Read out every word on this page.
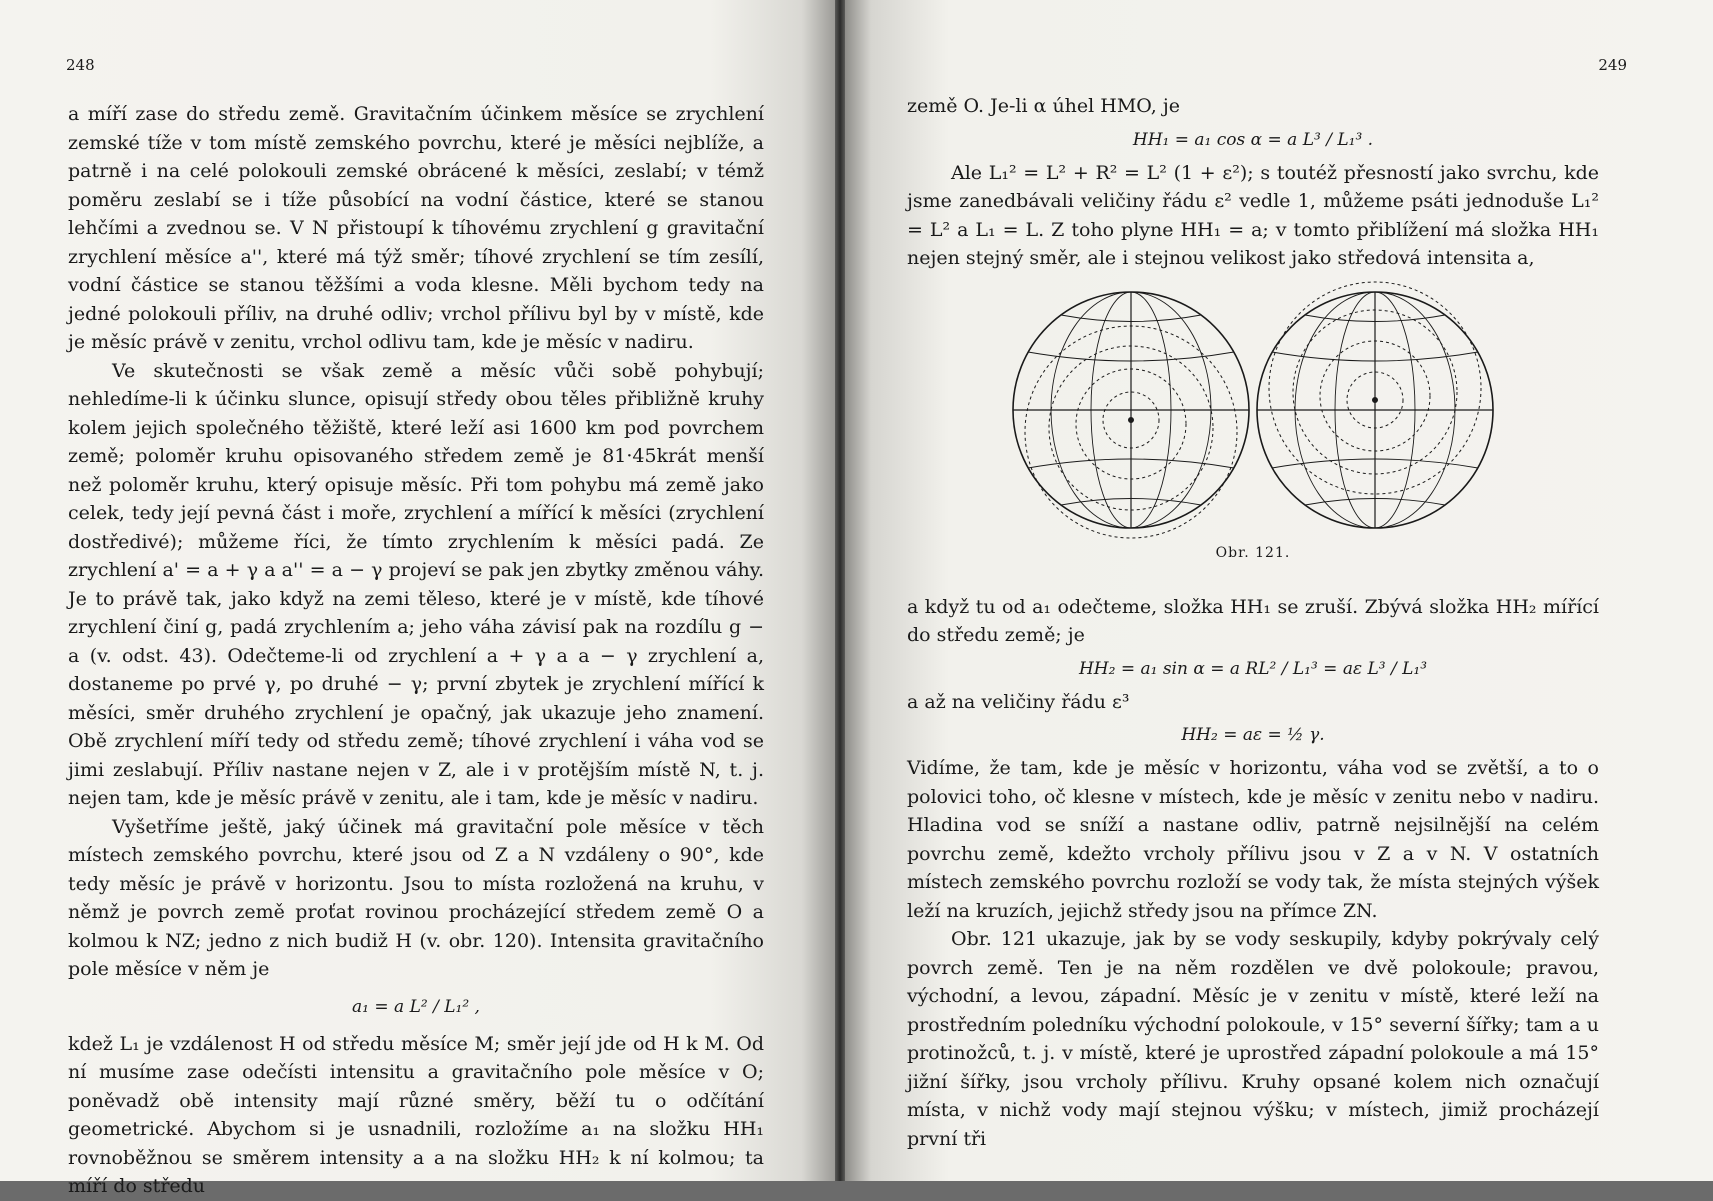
248

a míří zase do středu země. Gravitačním účinkem měsíce se zrychlení zemské tíže v tom místě zemského povrchu, které je měsíci nejblíže, a patrně i na celé polokouli zemské obrácené k měsíci, zeslabí; v témž poměru zeslabí se i tíže působící na vodní částice, které se stanou lehčími a zvednou se. V N přistoupí k tíhovému zrychlení g gravitační zrychlení měsíce a'', které má týž směr; tíhové zrychlení se tím zesílí, vodní částice se stanou těžšími a voda klesne. Měli bychom tedy na jedné polokouli příliv, na druhé odliv; vrchol přílivu byl by v místě, kde je měsíc právě v zenitu, vrchol odlivu tam, kde je měsíc v nadiru.

Ve skutečnosti se však země a měsíc vůči sobě pohybují; nehledíme-li k účinku slunce, opisují středy obou těles přibližně kruhy kolem jejich společného těžiště, které leží asi 1600 km pod povrchem země; poloměr kruhu opisovaného středem země je 81·45krát menší než poloměr kruhu, který opisuje měsíc. Při tom pohybu má země jako celek, tedy její pevná část i moře, zrychlení a mířící k měsíci (zrychlení dostředivé); můžeme říci, že tímto zrychlením k měsíci padá. Ze zrychlení a' = a + γ a a'' = a − γ projeví se pak jen zbytky změnou váhy. Je to právě tak, jako když na zemi těleso, které je v místě, kde tíhové zrychlení činí g, padá zrychlením a; jeho váha závisí pak na rozdílu g − a (v. odst. 43). Odečteme-li od zrychlení a + γ a a − γ zrychlení a, dostaneme po prvé γ, po druhé − γ; první zbytek je zrychlení mířící k měsíci, směr druhého zrychlení je opačný, jak ukazuje jeho znamení. Obě zrychlení míří tedy od středu země; tíhové zrychlení i váha vod se jimi zeslabují. Příliv nastane nejen v Z, ale i v protějším místě N, t. j. nejen tam, kde je měsíc právě v zenitu, ale i tam, kde je měsíc v nadiru.

Vyšetříme ještě, jaký účinek má gravitační pole měsíce v těch místech zemského povrchu, které jsou od Z a N vzdáleny o 90°, kde tedy měsíc je právě v horizontu. Jsou to místa rozložená na kruhu, v němž je povrch země proťat rovinou procházející středem země O a kolmou k NZ; jedno z nich budiž H (v. obr. 120). Intensita gravitačního pole měsíce v něm je

a₁ = a L² / L₁² ,

kdež L₁ je vzdálenost H od středu měsíce M; směr její jde od H k M. Od ní musíme zase odečísti intensitu a gravitačního pole měsíce v O; poněvadž obě intensity mají různé směry, běží tu o odčítání geometrické. Abychom si je usnadnili, rozložíme a₁ na složku HH₁ rovnoběžnou se směrem intensity a a na složku HH₂ k ní kolmou; ta míří do středu

249

země O. Je-li α úhel HMO, je

HH₁ = a₁ cos α = a L³ / L₁³ .

Ale L₁² = L² + R² = L² (1 + ε²); s toutéž přesností jako svrchu, kde jsme zanedbávali veličiny řádu ε² vedle 1, můžeme psáti jednoduše L₁² = L² a L₁ = L. Z toho plyne HH₁ = a; v tomto přiblížení má složka HH₁ nejen stejný směr, ale i stejnou velikost jako středová intensita a,

Obr. 121.

a když tu od a₁ odečteme, složka HH₁ se zruší. Zbývá složka HH₂ mířící do středu země; je

HH₂ = a₁ sin α = a RL² / L₁³ = aε L³ / L₁³

a až na veličiny řádu ε³

HH₂ = aε = ½ γ.

Vidíme, že tam, kde je měsíc v horizontu, váha vod se zvětší, a to o polovici toho, oč klesne v místech, kde je měsíc v zenitu nebo v nadiru. Hladina vod se sníží a nastane odliv, patrně nejsilnější na celém povrchu země, kdežto vrcholy přílivu jsou v Z a v N. V ostatních místech zemského povrchu rozloží se vody tak, že místa stejných výšek leží na kruzích, jejichž středy jsou na přímce ZN.

Obr. 121 ukazuje, jak by se vody seskupily, kdyby pokrývaly celý povrch země. Ten je na něm rozdělen ve dvě polokoule; pravou, východní, a levou, západní. Měsíc je v zenitu v místě, které leží na prostředním poledníku východní polokoule, v 15° severní šířky; tam a u protinožců, t. j. v místě, které je uprostřed západní polokoule a má 15° jižní šířky, jsou vrcholy přílivu. Kruhy opsané kolem nich označují místa, v nichž vody mají stejnou výšku; v místech, jimiž procházejí první tři
